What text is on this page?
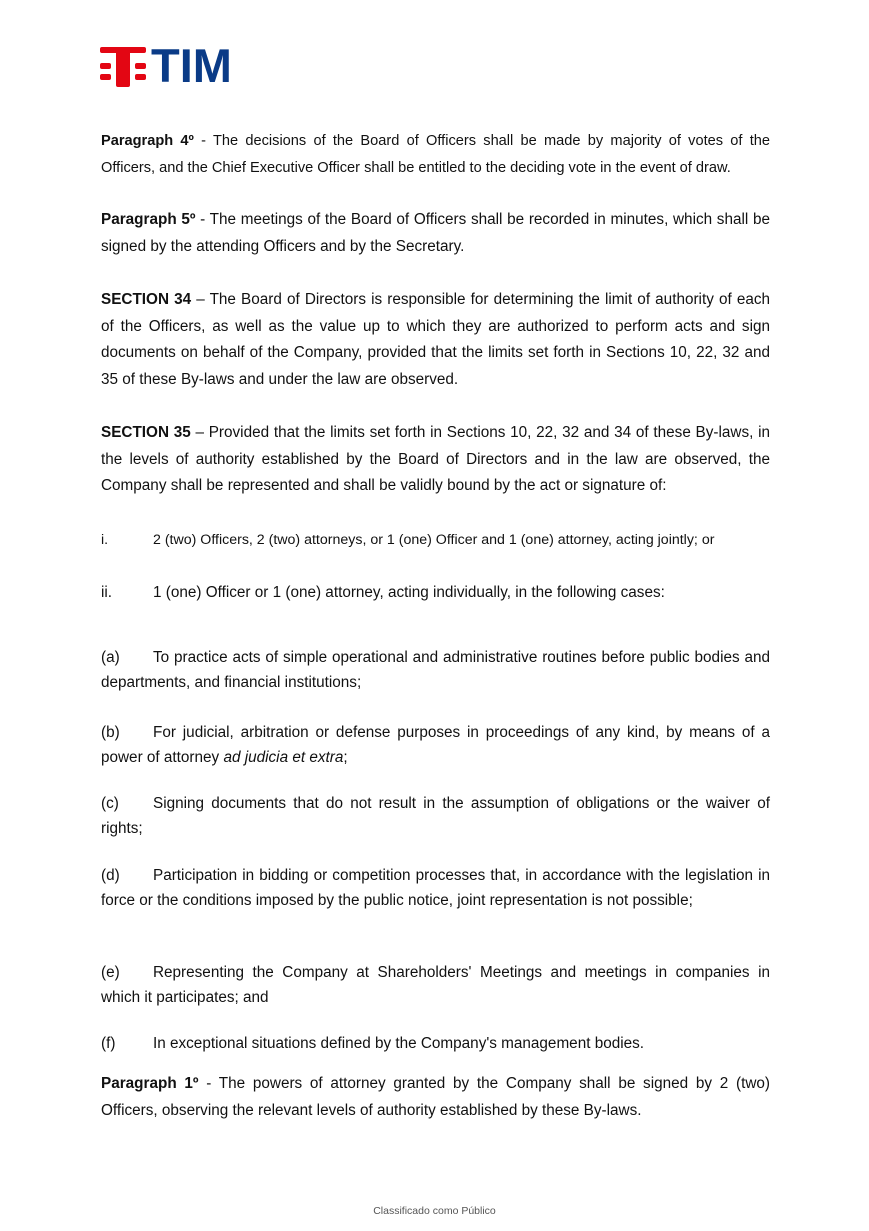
TIM

Paragraph 4º - The decisions of the Board of Officers shall be made by majority of votes of the Officers, and the Chief Executive Officer shall be entitled to the deciding vote in the event of draw.

Paragraph 5º - The meetings of the Board of Officers shall be recorded in minutes, which shall be signed by the attending Officers and by the Secretary.

SECTION 34 – The Board of Directors is responsible for determining the limit of authority of each of the Officers, as well as the value up to which they are authorized to perform acts and sign documents on behalf of the Company, provided that the limits set forth in Sections 10, 22, 32 and 35 of these By-laws and under the law are observed.

SECTION 35 – Provided that the limits set forth in Sections 10, 22, 32 and 34 of these By-laws, in the levels of authority established by the Board of Directors and in the law are observed, the Company shall be represented and shall be validly bound by the act or signature of:

i.	2 (two) Officers, 2 (two) attorneys, or 1 (one) Officer and 1 (one) attorney, acting jointly; or
ii.	1 (one) Officer or 1 (one) attorney, acting individually, in the following cases:

(a) To practice acts of simple operational and administrative routines before public bodies and departments, and financial institutions;

(b) For judicial, arbitration or defense purposes in proceedings of any kind, by means of a power of attorney ad judicia et extra;

(c) Signing documents that do not result in the assumption of obligations or the waiver of rights;

(d) Participation in bidding or competition processes that, in accordance with the legislation in force or the conditions imposed by the public notice, joint representation is not possible;

(e) Representing the Company at Shareholders' Meetings and meetings in companies in which it participates; and

(f) In exceptional situations defined by the Company's management bodies.

Paragraph 1º - The powers of attorney granted by the Company shall be signed by 2 (two) Officers, observing the relevant levels of authority established by these By-laws.

Classificado como Público
